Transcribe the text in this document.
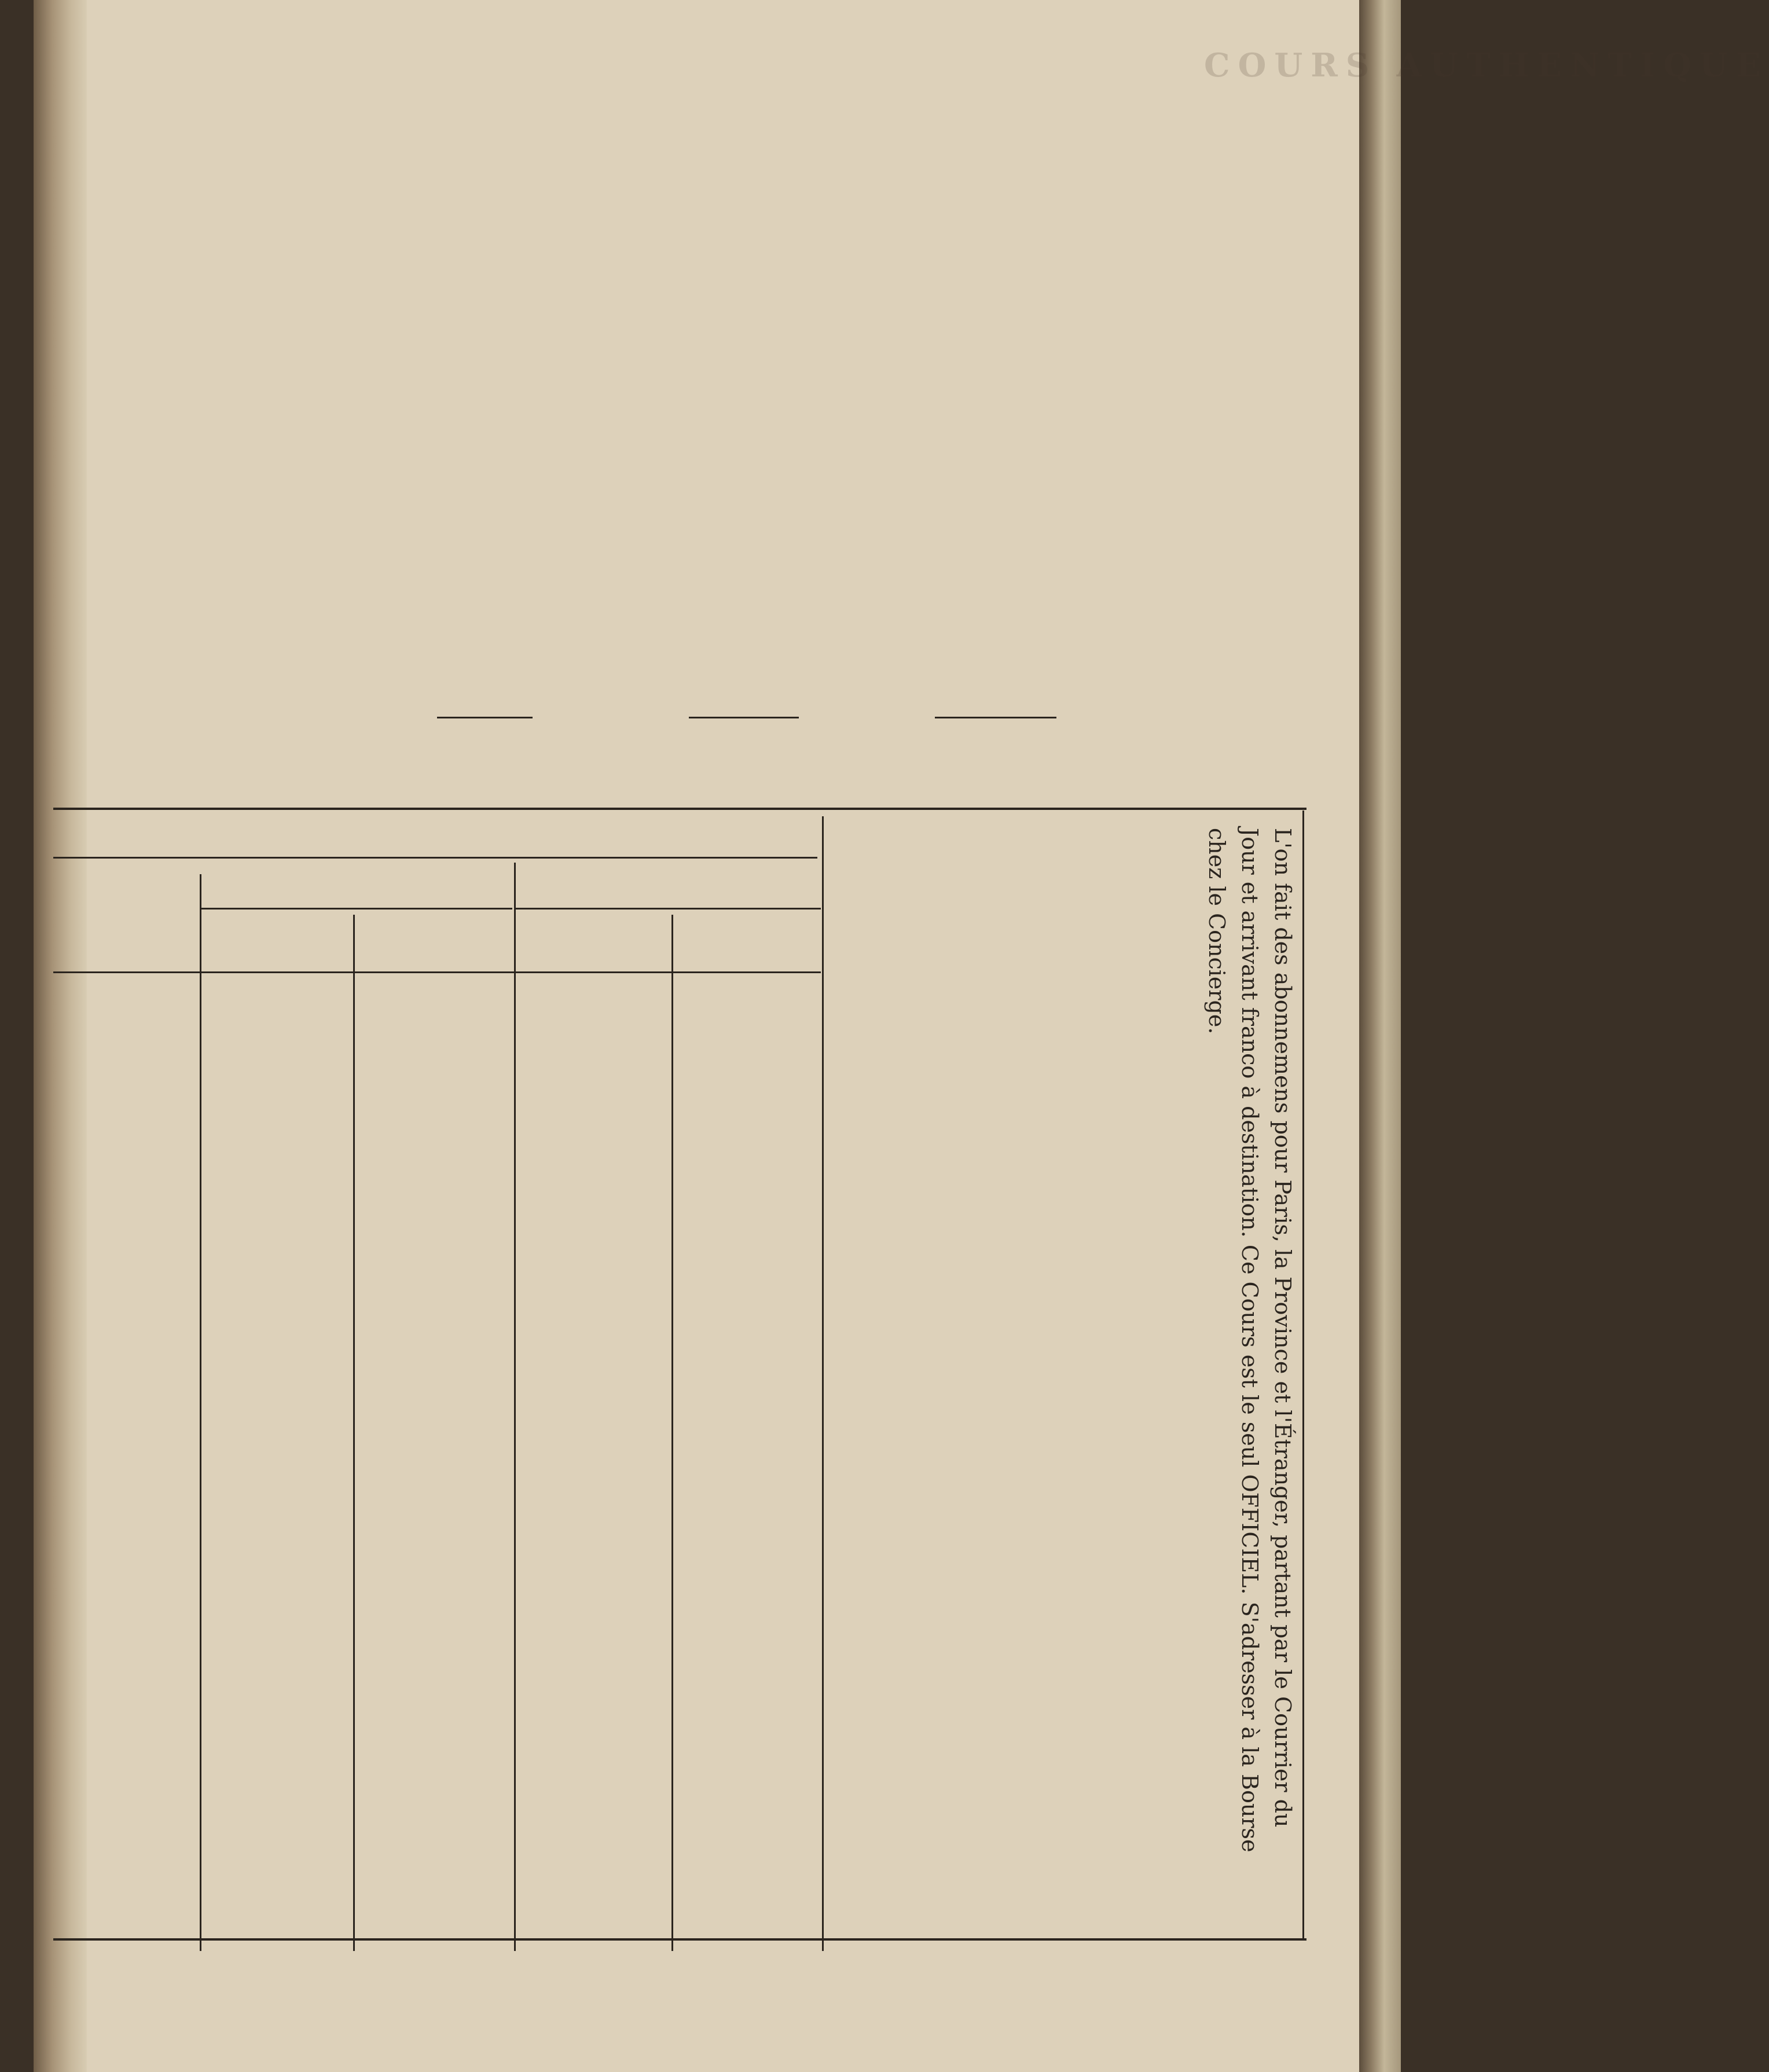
COURS AUTHENTIQUE
L'on fait des abonnemens pour Paris, la Province et l'Étranger, partant par le Courrier du
Jour et arrivant franco à destination. Ce Cours est le seul OFFICIEL. S'adresser à la Bourse
chez le Concierge.
